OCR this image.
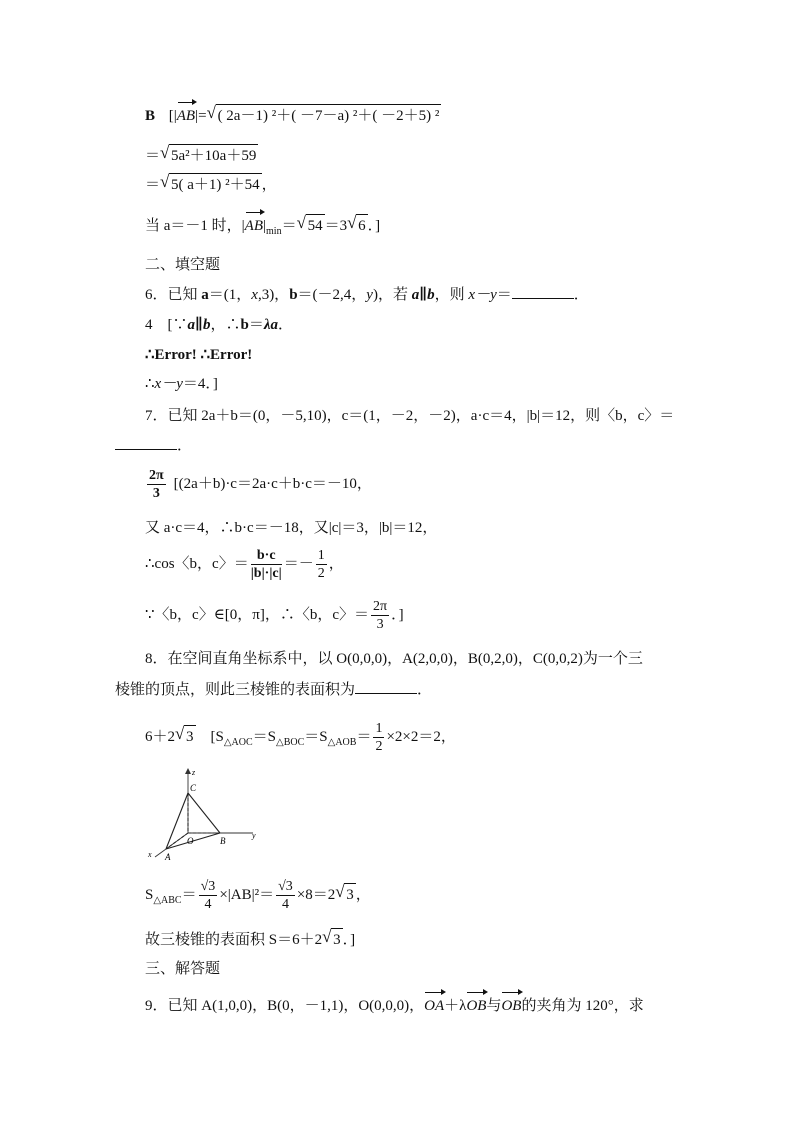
B [|AB|= √ ( 2a－1) ²＋( －7－a) ²＋( －2＋5) ²
＝ √ 5a²＋10a＋59
＝ √ 5( a＋1) ²＋54 ，
当 a＝－1 时，$|AB|_{min}=$ √ 54 ＝3 √ 6 ．]
二、填空题
6．已知 a＝(1，x,3)，b＝(－2,4，y)，若 a∥b，则 x－y＝	．
4　[∵a∥b，∴b＝λa．
∴Error! ∴Error!
∴x－y＝4．]
7．已知 2a＋b＝(0，－5,10)，c＝(1，－2，－2)，a·c＝4，|b|＝12，则〈b，c〉＝
．
$\frac{2\pi}{3} [(2a+b)\cdot c=2a\cdot c+b\cdot c=-10$，
又 a·c＝4，∴b·c＝－18，又|c|＝3，|b|＝12，
∴cos〈b，c〉＝ $\frac{b\cdot c}{|b|\cdot|c|} =- \frac{1}{2}$ ，
∵〈b，c〉∈[0，π]，∴〈b，c〉＝ $\frac{2\pi}{3}$ ．]
8．在空间直角坐标系中，以 O(0,0,0)，A(2,0,0)，B(0,2,0)，C(0,0,2)为一个三
棱锥的顶点，则此三棱锥的表面积为	．
6＋2 √ 3　[$S_{\triangle AOC}=S_{\triangle BOC}=S_{\triangle AOB}= \frac{1}{2} \times 2\times 2=2$，
z
C
O	B
y
x A
$S_{\triangle ABC}= \frac{√3}{4} \times|AB|^2= \frac{√3}{4} \times 8=2$ √ 3 ，
故三棱锥的表面积 S＝6＋2 √ 3 ．]
三、解答题
9．已知 A(1,0,0)，B(0，－1,1)，O(0,0,0)，OA＋λOB与OB的夹角为 120°，求
